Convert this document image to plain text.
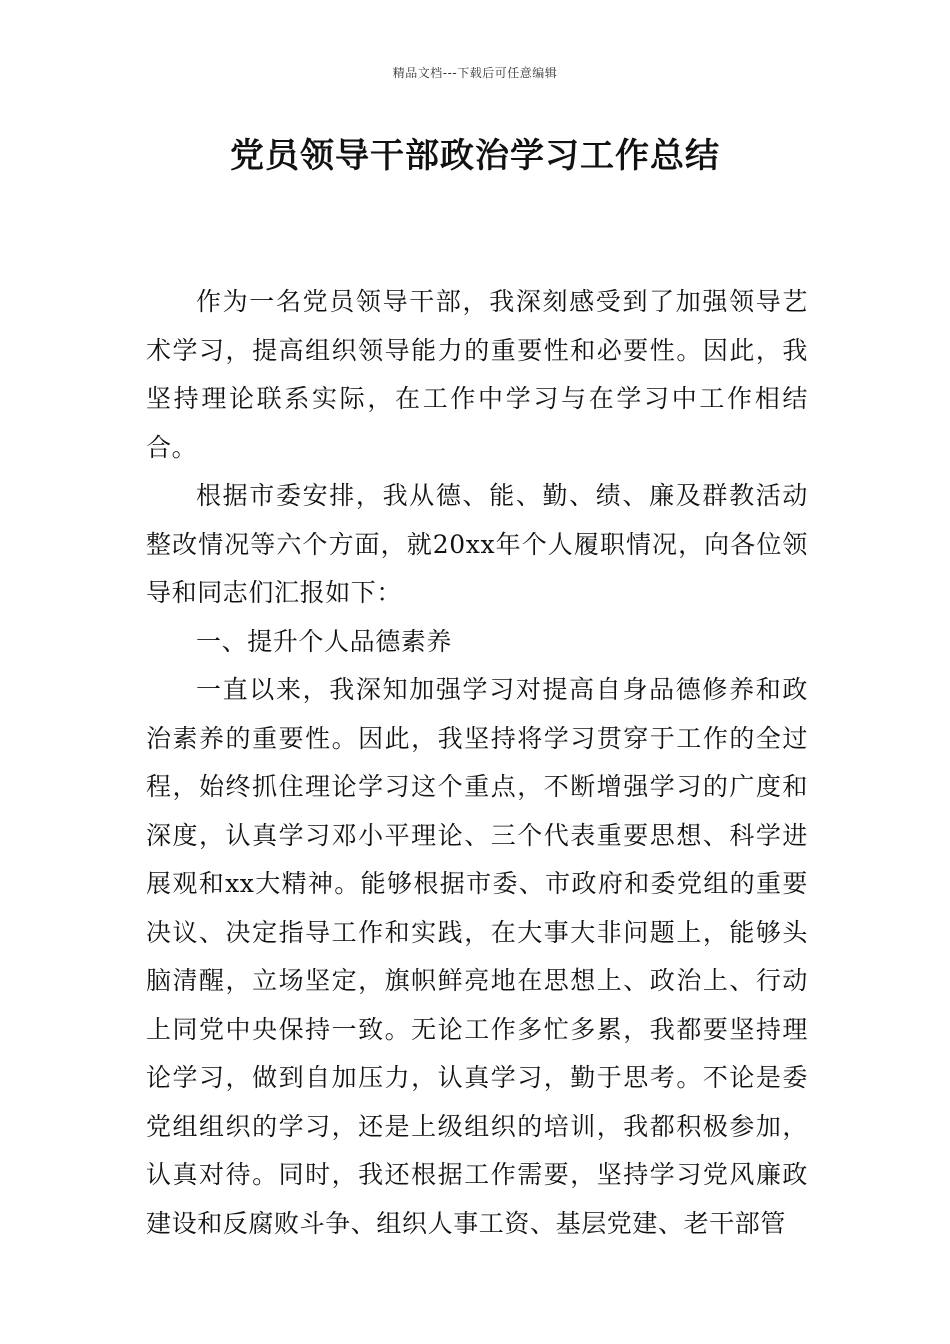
精品文档---下载后可任意编辑
党员领导干部政治学习工作总结

作为一名党员领导干部，我深刻感受到了加强领导艺术学习，提高组织领导能力的重要性和必要性。因此，我坚持理论联系实际，在工作中学习与在学习中工作相结合。

根据市委安排，我从德、能、勤、绩、廉及群教活动整改情况等六个方面，就20xx年个人履职情况，向各位领导和同志们汇报如下：

一、提升个人品德素养

一直以来，我深知加强学习对提高自身品德修养和政治素养的重要性。因此，我坚持将学习贯穿于工作的全过程，始终抓住理论学习这个重点，不断增强学习的广度和深度，认真学习邓小平理论、三个代表重要思想、科学进展观和xx大精神。能够根据市委、市政府和委党组的重要决议、决定指导工作和实践，在大事大非问题上，能够头脑清醒，立场坚定，旗帜鲜亮地在思想上、政治上、行动上同党中央保持一致。无论工作多忙多累，我都要坚持理论学习，做到自加压力，认真学习，勤于思考。不论是委党组组织的学习，还是上级组织的培训，我都积极参加，认真对待。同时，我还根据工作需要，坚持学习党风廉政建设和反腐败斗争、组织人事工资、基层党建、老干部管
